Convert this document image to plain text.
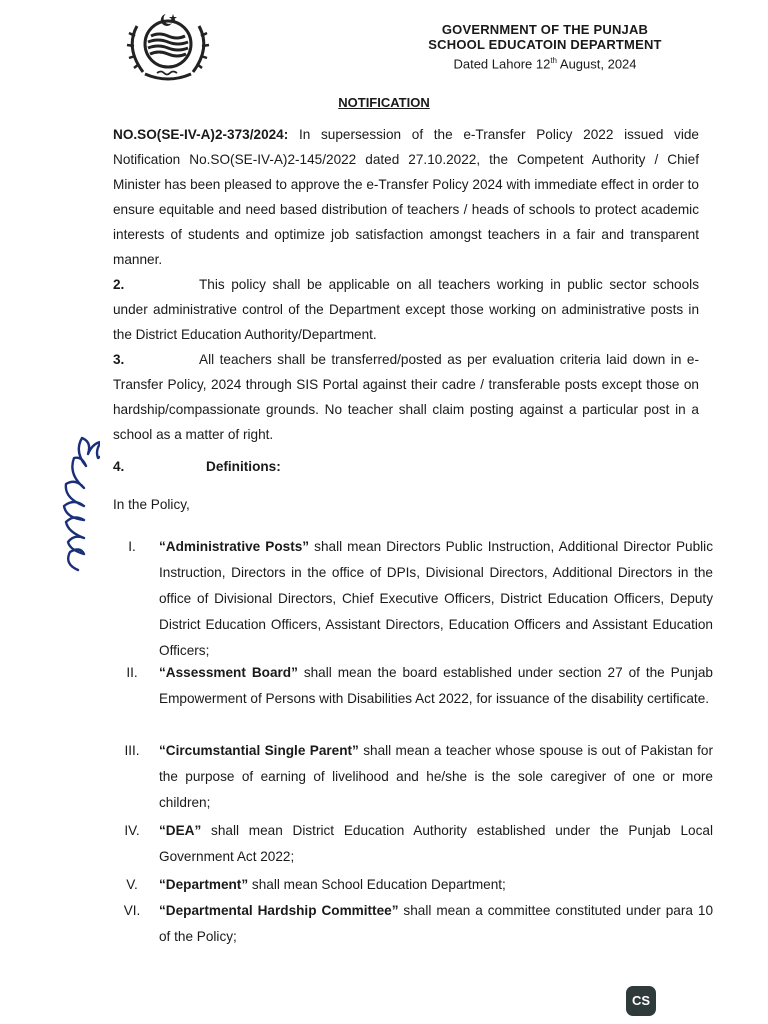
GOVERNMENT OF THE PUNJAB
SCHOOL EDUCATOIN DEPARTMENT
Dated Lahore 12th August, 2024
NOTIFICATION

NO.SO(SE-IV-A)2-373/2024: In supersession of the e-Transfer Policy 2022 issued vide Notification No.SO(SE-IV-A)2-145/2022 dated 27.10.2022, the Competent Authority / Chief Minister has been pleased to approve the e-Transfer Policy 2024 with immediate effect in order to ensure equitable and need based distribution of teachers / heads of schools to protect academic interests of students and optimize job satisfaction amongst teachers in a fair and transparent manner.

2.	This policy shall be applicable on all teachers working in public sector schools under administrative control of the Department except those working on administrative posts in the District Education Authority/Department.

3.	All teachers shall be transferred/posted as per evaluation criteria laid down in e-Transfer Policy, 2024 through SIS Portal against their cadre / transferable posts except those on hardship/compassionate grounds. No teacher shall claim posting against a particular post in a school as a matter of right.

4.	Definitions:
In the Policy,
I.	“Administrative Posts” shall mean Directors Public Instruction, Additional Director Public Instruction, Directors in the office of DPIs, Divisional Directors, Additional Directors in the office of Divisional Directors, Chief Executive Officers, District Education Officers, Deputy District Education Officers, Assistant Directors, Education Officers and Assistant Education Officers;
II.	“Assessment Board” shall mean the board established under section 27 of the Punjab Empowerment of Persons with Disabilities Act 2022, for issuance of the disability certificate.
III.	“Circumstantial Single Parent” shall mean a teacher whose spouse is out of Pakistan for the purpose of earning of livelihood and he/she is the sole caregiver of one or more children;
IV.	“DEA” shall mean District Education Authority established under the Punjab Local Government Act 2022;
V.	“Department” shall mean School Education Department;
VI.	“Departmental Hardship Committee” shall mean a committee constituted under para 10 of the Policy;
CS
